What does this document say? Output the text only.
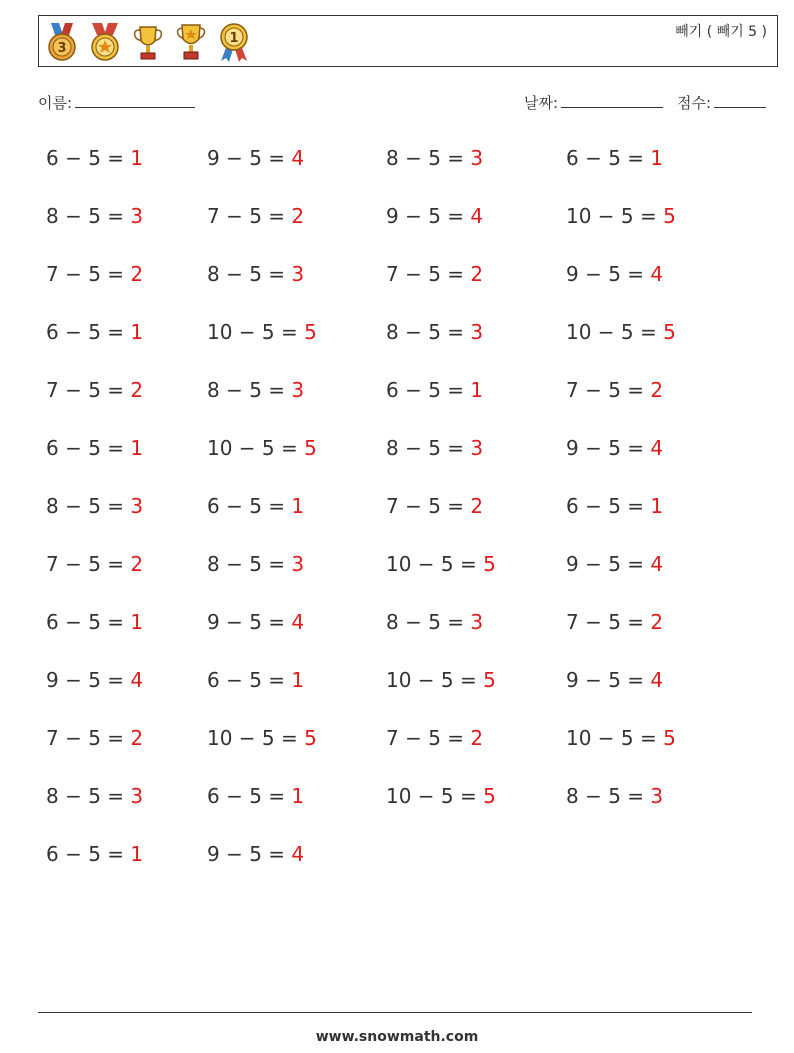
3
1	빼기 ( 빼기 5 )
이름:	날짜:	점수:
6 − 5 = 1	9 − 5 = 4	8 − 5 = 3	6 − 5 = 1
8 − 5 = 3	7 − 5 = 2	9 − 5 = 4	10 − 5 = 5
7 − 5 = 2	8 − 5 = 3	7 − 5 = 2	9 − 5 = 4
6 − 5 = 1	10 − 5 = 5	8 − 5 = 3	10 − 5 = 5
7 − 5 = 2	8 − 5 = 3	6 − 5 = 1	7 − 5 = 2
6 − 5 = 1	10 − 5 = 5	8 − 5 = 3	9 − 5 = 4
8 − 5 = 3	6 − 5 = 1	7 − 5 = 2	6 − 5 = 1
7 − 5 = 2	8 − 5 = 3	10 − 5 = 5	9 − 5 = 4
6 − 5 = 1	9 − 5 = 4	8 − 5 = 3	7 − 5 = 2
9 − 5 = 4	6 − 5 = 1	10 − 5 = 5	9 − 5 = 4
7 − 5 = 2	10 − 5 = 5	7 − 5 = 2	10 − 5 = 5
8 − 5 = 3	6 − 5 = 1	10 − 5 = 5	8 − 5 = 3
6 − 5 = 1	9 − 5 = 4
www.snowmath.com
